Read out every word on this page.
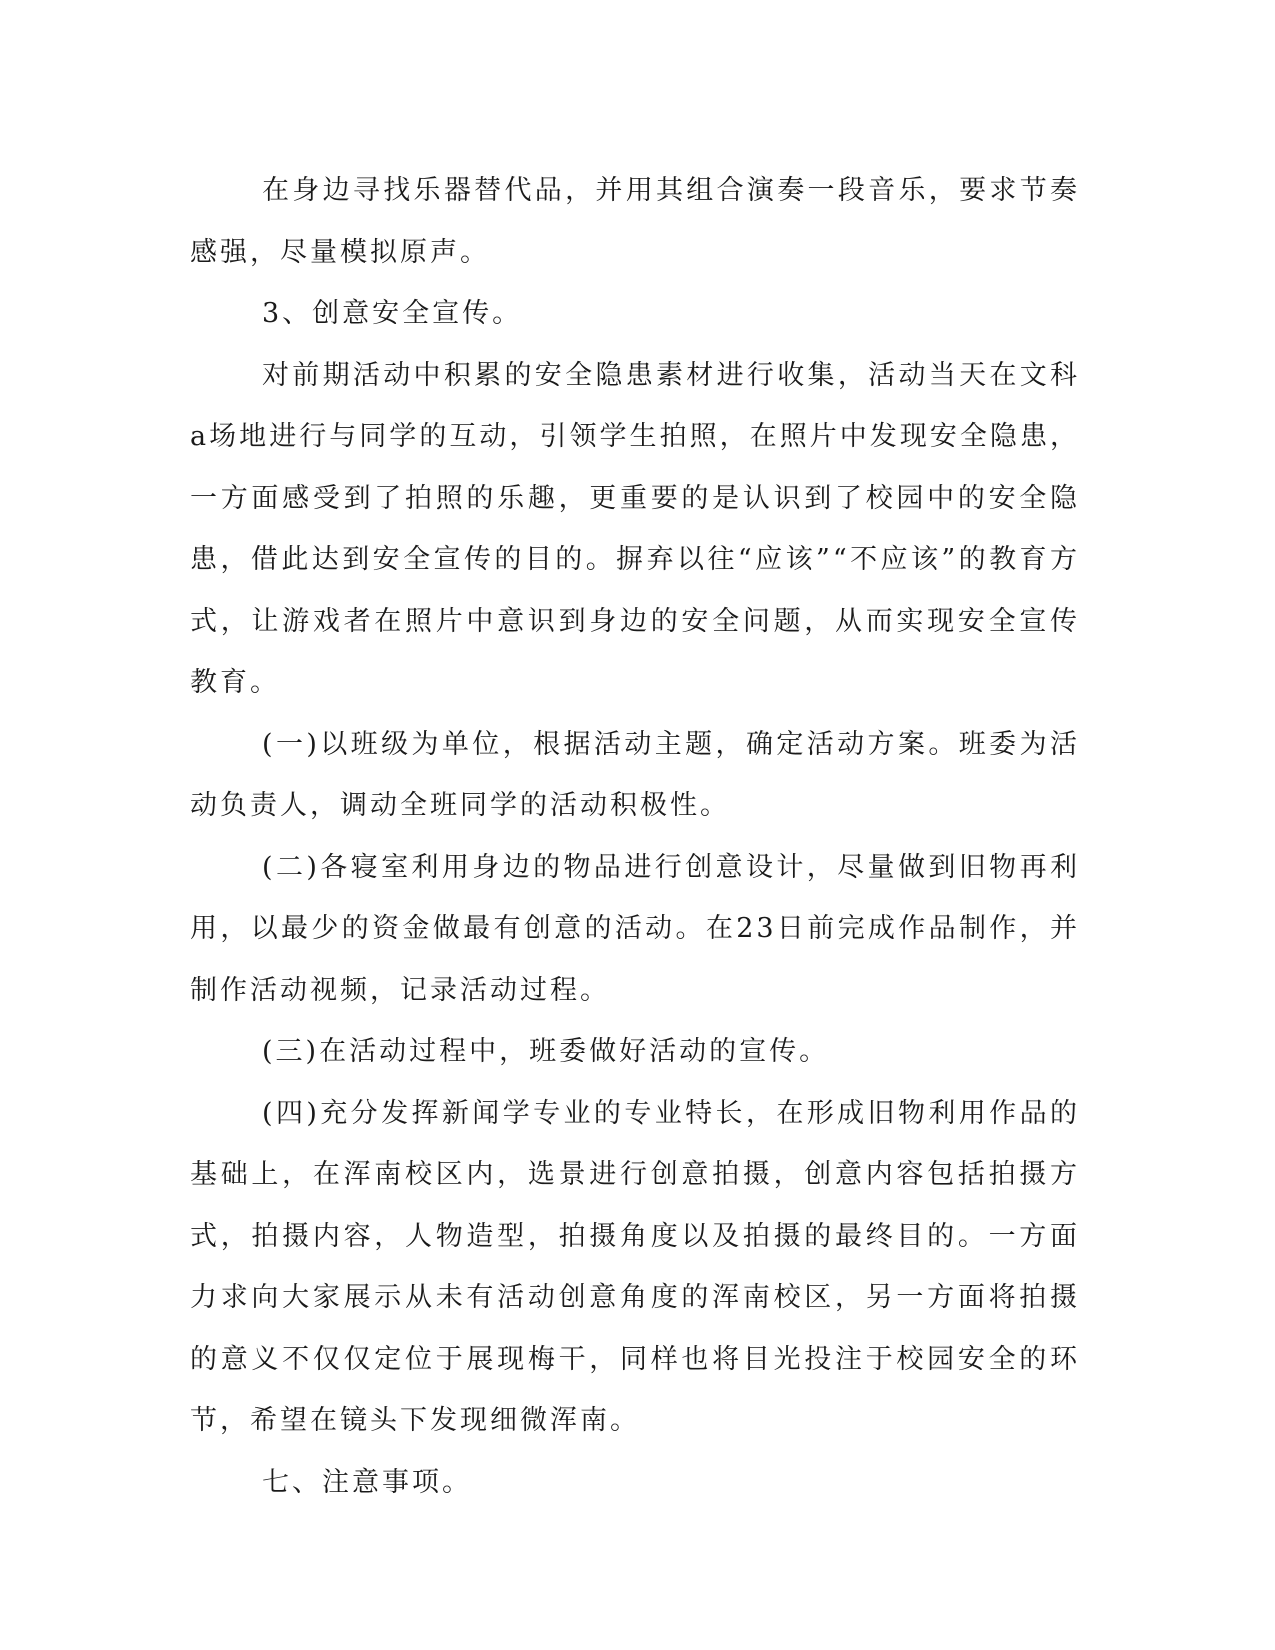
在身边寻找乐器替代品，并用其组合演奏一段音乐，要求节奏感强，尽量模拟原声。

3、创意安全宣传。

对前期活动中积累的安全隐患素材进行收集，活动当天在文科a场地进行与同学的互动，引领学生拍照，在照片中发现安全隐患，一方面感受到了拍照的乐趣，更重要的是认识到了校园中的安全隐患，借此达到安全宣传的目的。摒弃以往“应该”“不应该”的教育方式，让游戏者在照片中意识到身边的安全问题，从而实现安全宣传教育。

(一)以班级为单位，根据活动主题，确定活动方案。班委为活动负责人，调动全班同学的活动积极性。

(二)各寝室利用身边的物品进行创意设计，尽量做到旧物再利用，以最少的资金做最有创意的活动。在23日前完成作品制作，并制作活动视频，记录活动过程。

(三)在活动过程中，班委做好活动的宣传。

(四)充分发挥新闻学专业的专业特长，在形成旧物利用作品的基础上，在浑南校区内，选景进行创意拍摄，创意内容包括拍摄方式，拍摄内容，人物造型，拍摄角度以及拍摄的最终目的。一方面力求向大家展示从未有活动创意角度的浑南校区，另一方面将拍摄的意义不仅仅定位于展现梅干，同样也将目光投注于校园安全的环节，希望在镜头下发现细微浑南。

七、注意事项。
